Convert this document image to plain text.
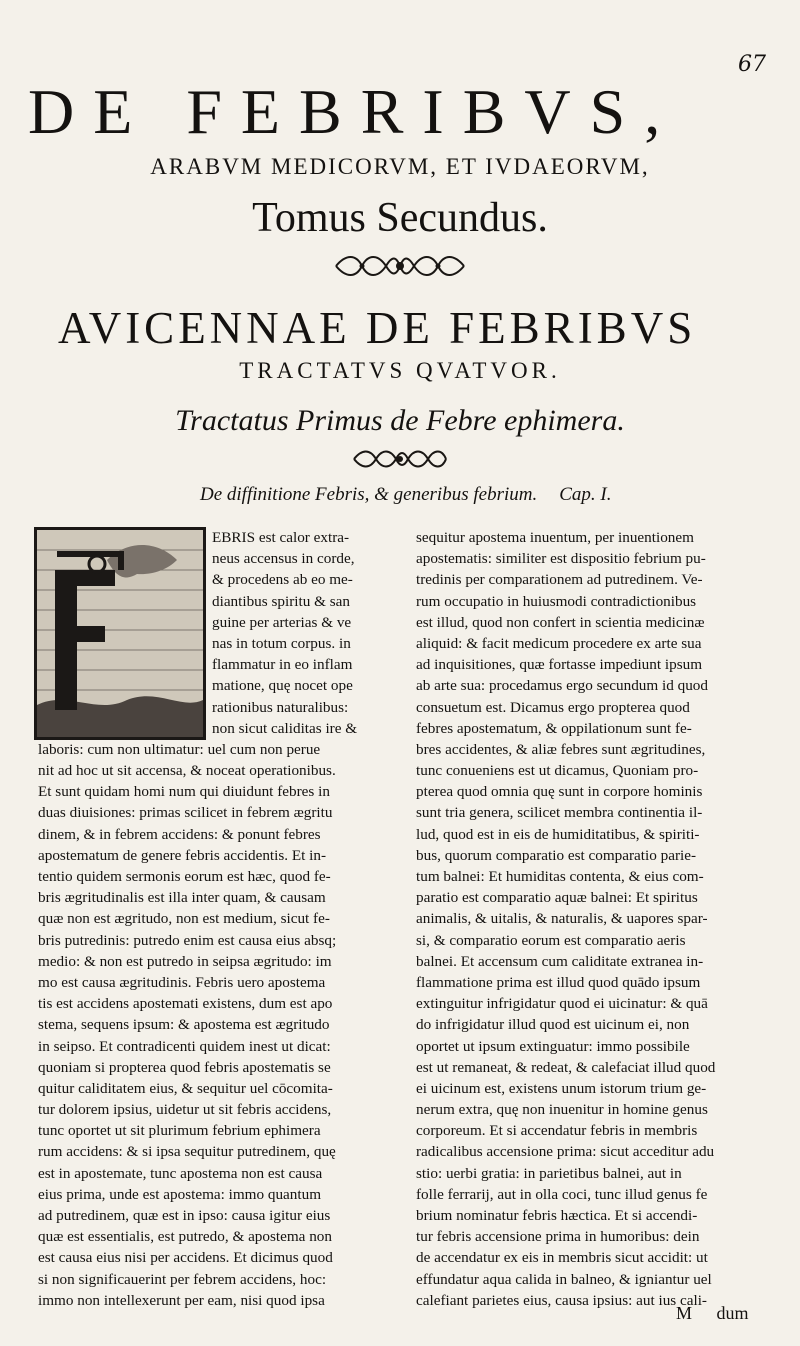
67
DE FEBRIBVS,
ARABVM MEDICORVM, ET IVDAEORVM,
Tomus Secundus.
AVICENNAE DE FEBRIBVS
TRACTATVS QVATVOR.
Tractatus Primus de Febre ephimera.
De diffinitione Febris, & generibus febrium. Cap. I.
EBRIS est calor extra-
neus accensus in corde,
& procedens ab eo me-
diantibus spiritu & san
guine per arterias & ve
nas in totum corpus. in
flammatur in eo inflam
matione, quę nocet ope
rationibus naturalibus:
non sicut caliditas ire &
laboris: cum non ultimatur: uel cum non perue
nit ad hoc ut sit accensa, & noceat operationibus.
Et sunt quidam homi num qui diuidunt febres in
duas diuisiones: primas scilicet in febrem ægritu
dinem, & in febrem accidens: & ponunt febres
apostematum de genere febris accidentis. Et in-
tentio quidem sermonis eorum est hæc, quod fe-
bris ægritudinalis est illa inter quam, & causam
quæ non est ægritudo, non est medium, sicut fe-
bris putredinis: putredo enim est causa eius absq;
medio: & non est putredo in seipsa ægritudo: im
mo est causa ægritudinis. Febris uero apostema
tis est accidens apostemati existens, dum est apo
stema, sequens ipsum: & apostema est ægritudo
in seipso. Et contradicenti quidem inest ut dicat:
quoniam si propterea quod febris apostematis se
quitur caliditatem eius, & sequitur uel cōcomita-
tur dolorem ipsius, uidetur ut sit febris accidens,
tunc oportet ut sit plurimum febrium ephimera
rum accidens: & si ipsa sequitur putredinem, quę
est in apostemate, tunc apostema non est causa
eius prima, unde est apostema: immo quantum
ad putredinem, quæ est in ipso: causa igitur eius
quæ est essentialis, est putredo, & apostema non
est causa eius nisi per accidens. Et dicimus quod
si non significauerint per febrem accidens, hoc:
immo non intellexerunt per eam, nisi quod ipsa
sequitur apostema inuentum, per inuentionem
apostematis: similiter est dispositio febrium pu-
tredinis per comparationem ad putredinem. Ve-
rum occupatio in huiusmodi contradictionibus
est illud, quod non confert in scientia medicinæ
aliquid: & facit medicum procedere ex arte sua
ad inquisitiones, quæ fortasse impediunt ipsum
ab arte sua: procedamus ergo secundum id quod
consuetum est. Dicamus ergo propterea quod
febres apostematum, & oppilationum sunt fe-
bres accidentes, & aliæ febres sunt ægritudines,
tunc conueniens est ut dicamus, Quoniam pro-
pterea quod omnia quę sunt in corpore hominis
sunt tria genera, scilicet membra continentia il-
lud, quod est in eis de humiditatibus, & spiriti-
bus, quorum comparatio est comparatio parie-
tum balnei: Et humiditas contenta, & eius com-
paratio est comparatio aquæ balnei: Et spiritus
animalis, & uitalis, & naturalis, & uapores spar-
si, & comparatio eorum est comparatio aeris
balnei. Et accensum cum caliditate extranea in-
flammatione prima est illud quod quādo ipsum
extinguitur infrigidatur quod ei uicinatur: & quā
do infrigidatur illud quod est uicinum ei, non
oportet ut ipsum extinguatur: immo possibile
est ut remaneat, & redeat, & calefaciat illud quod
ei uicinum est, existens unum istorum trium ge-
nerum extra, quę non inuenitur in homine genus
corporeum. Et si accendatur febris in membris
radicalibus accensione prima: sicut acceditur adu
stio: uerbi gratia: in parietibus balnei, aut in
folle ferrarij, aut in olla coci, tunc illud genus fe
brium nominatur febris hæctica. Et si accendi-
tur febris accensione prima in humoribus: dein
de accendatur ex eis in membris sicut accidit: ut
effundatur aqua calida in balneo, & igniantur uel
calefiant parietes eius, causa ipsius: aut ius cali-
M dum
